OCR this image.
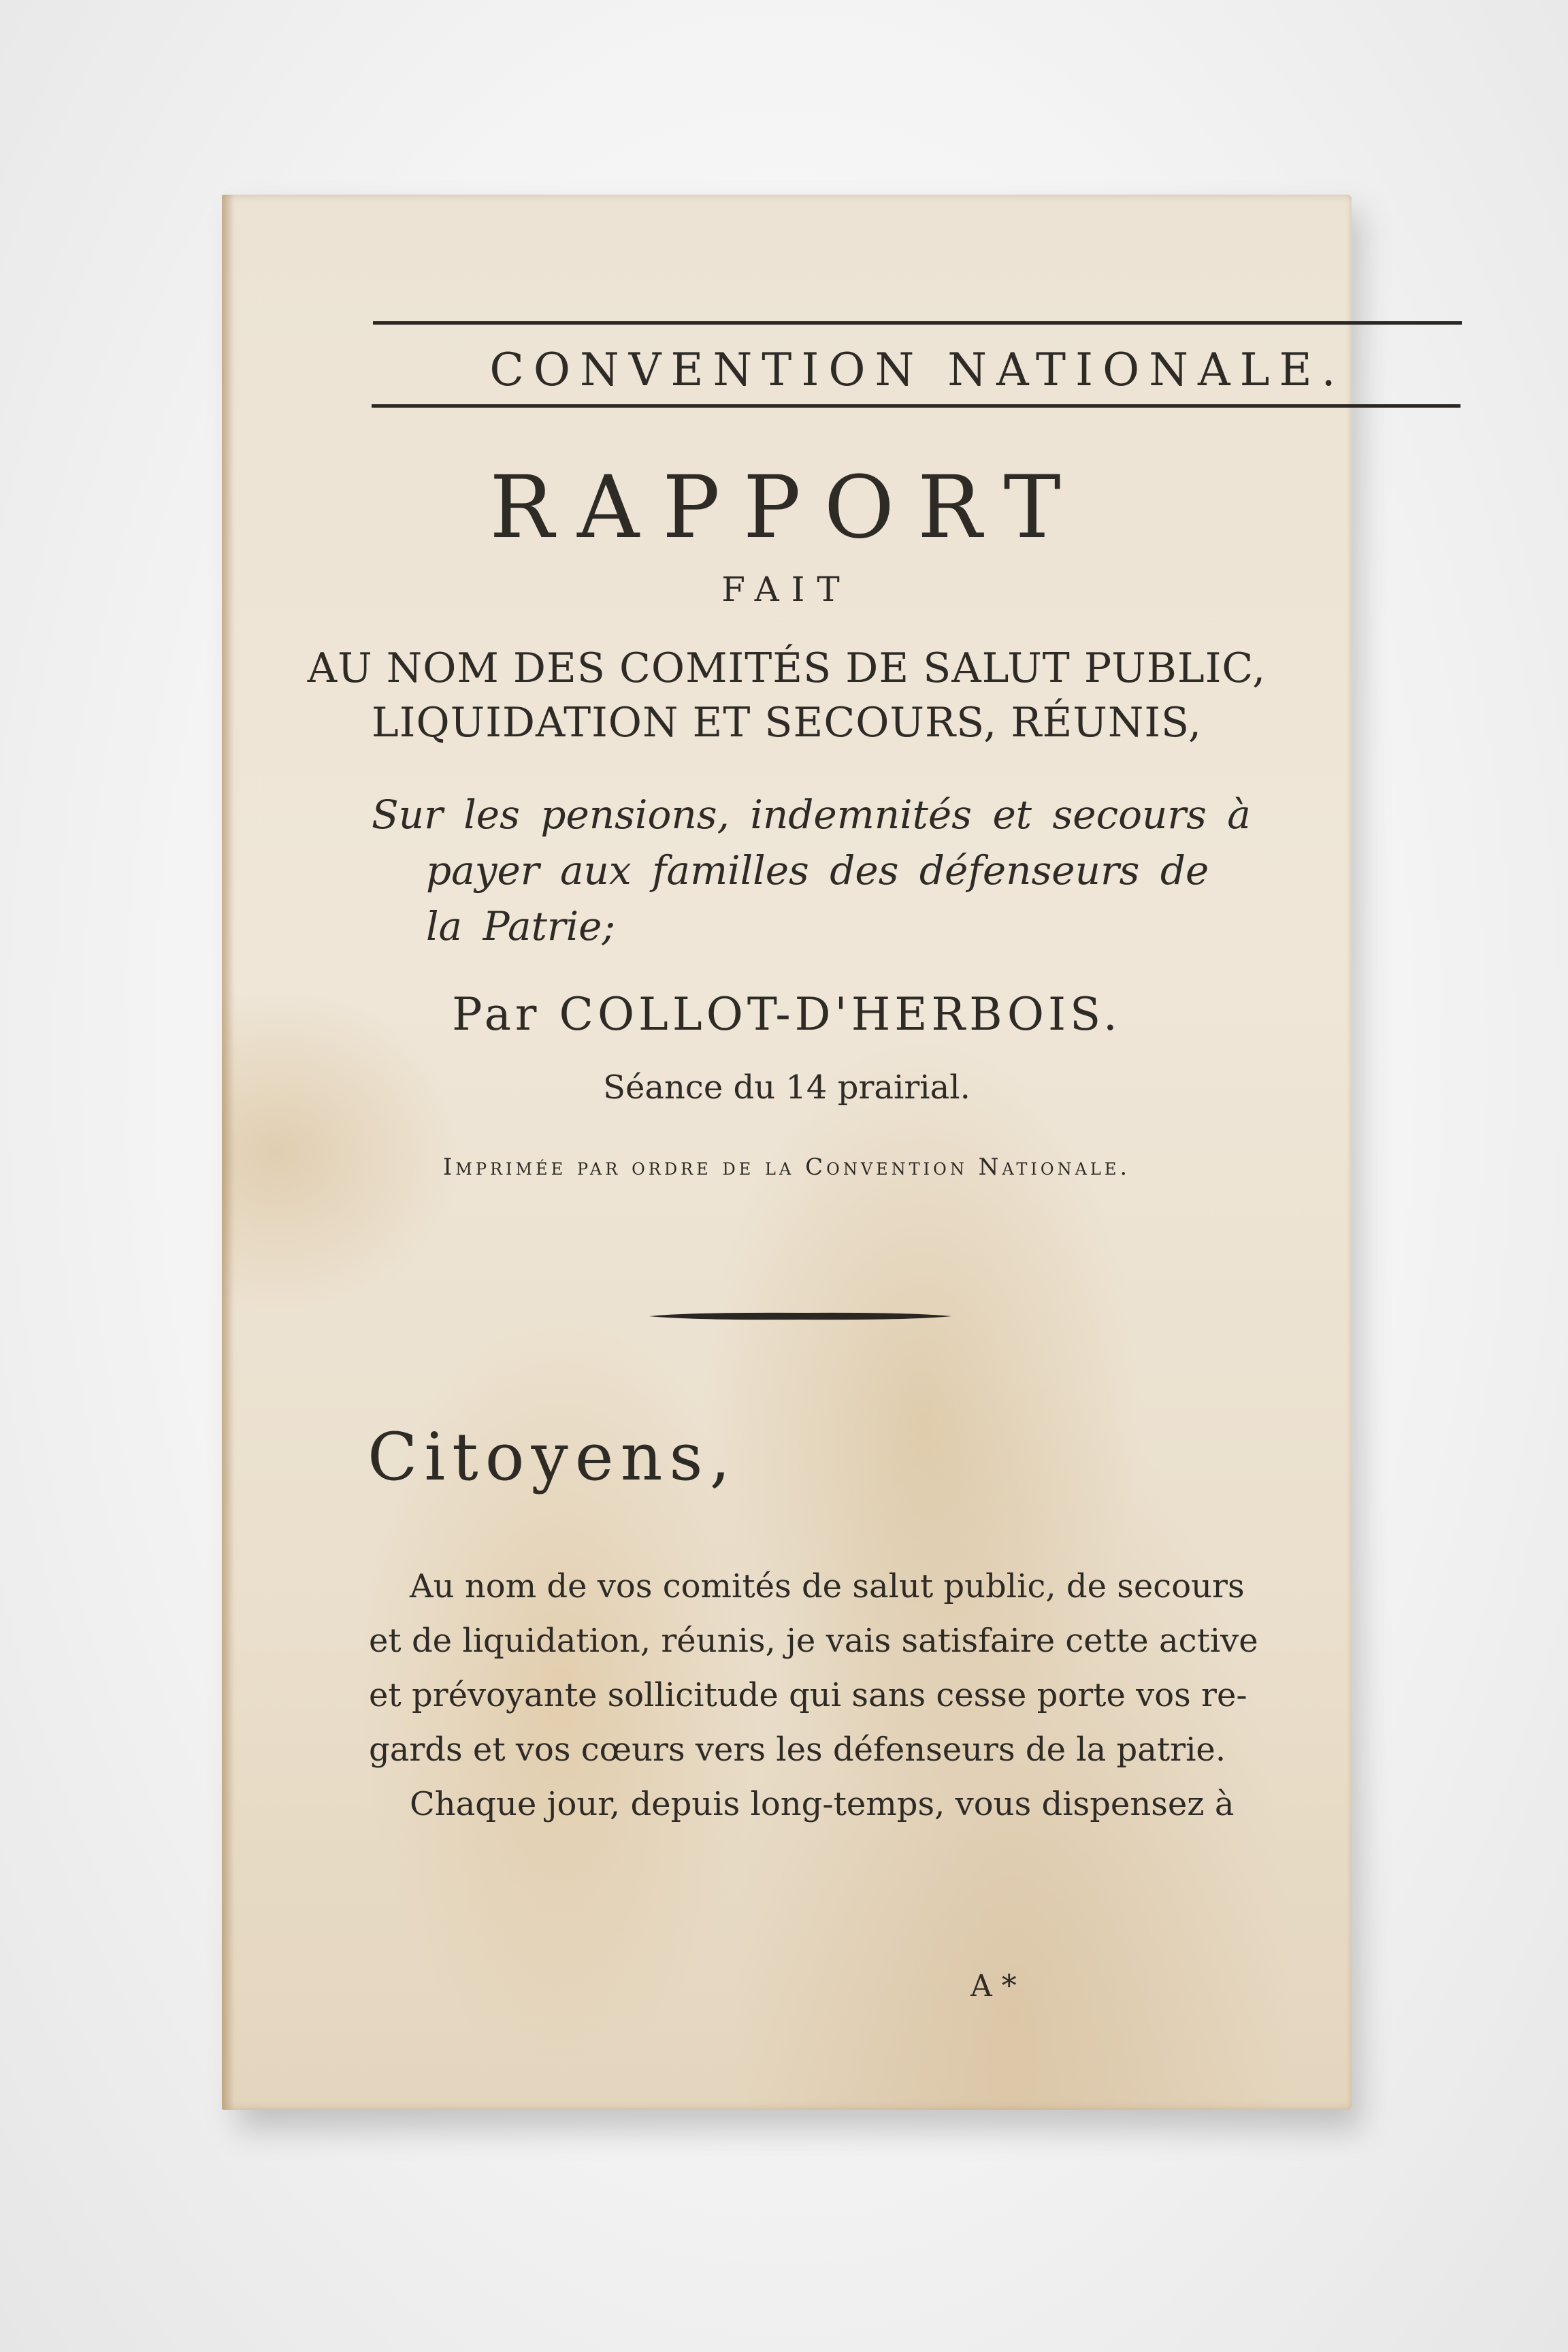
CONVENTION NATIONALE.
RAPPORT
FAIT
AU NOM DES COMITÉS DE SALUT PUBLIC,
LIQUIDATION ET SECOURS, RÉUNIS,
Sur les pensions, indemnités et secours à
payer aux familles des défenseurs de
la Patrie;
Par COLLOT-D'HERBOIS.
Séance du 14 prairial.
Imprimée par ordre de la Convention Nationale.
Citoyens,
Au nom de vos comités de salut public, de secours
et de liquidation, réunis, je vais satisfaire cette active
et prévoyante sollicitude qui sans cesse porte vos re-
gards et vos cœurs vers les défenseurs de la patrie.
Chaque jour, depuis long-temps, vous dispensez à
A *
